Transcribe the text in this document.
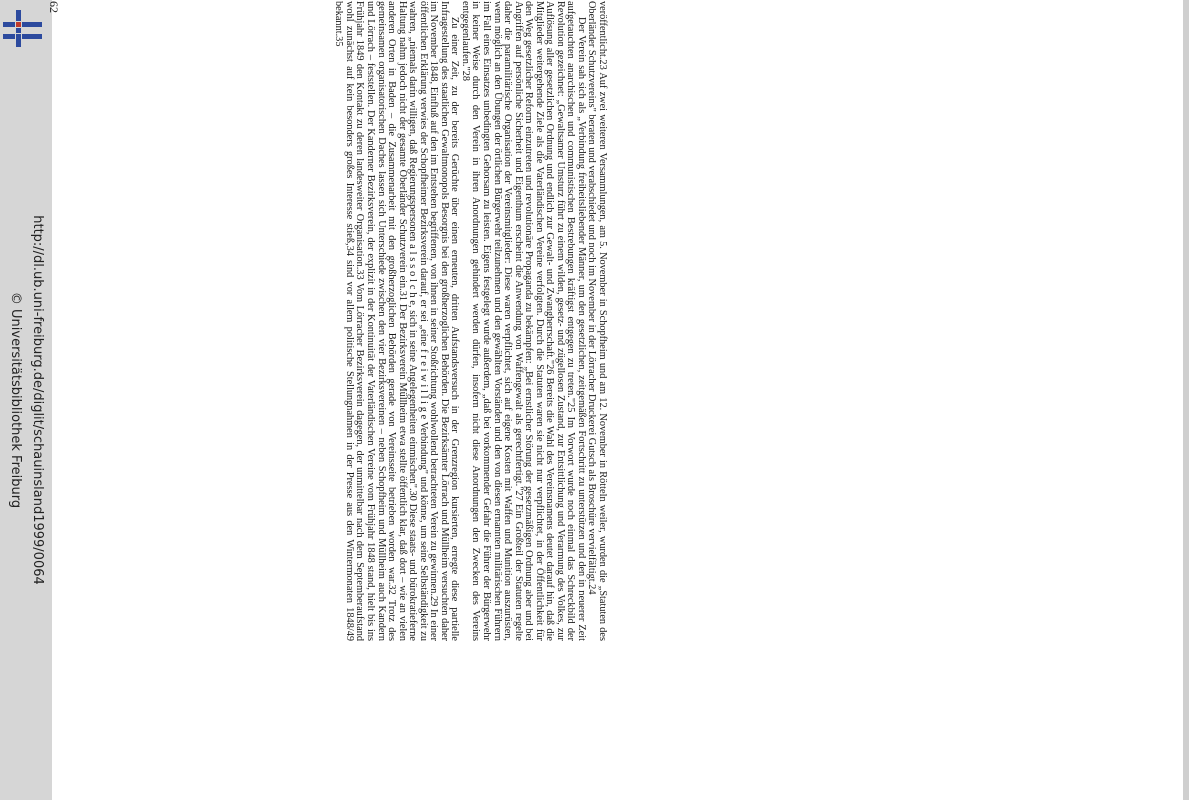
http://dl.ub.uni-freiburg.de/diglit/schauinsland1999/0064
© Universitätsbibliothek Freiburg	veröffentlicht.23 Auf zwei weiteren Versammlungen, am 5. November in Schopfheim und am 12. November in Rötteln weiler, wurden die „Statuten des Oberländer Schutzvereins" beraten und verabschiedet und noch im November in der Lörracher Druckerei Gutsch als Broschüre vervielfältigt.24

Der Verein sah sich als „Verbindung freiheitsliebender Männer, um den gesetzlichen, zeitgemäßen Fortschritt zu unterstützen und den in neuerer Zeit aufgetauchten anarchischen und communistischen Bestrebungen kräftigst entgegen zu treten."25 Im Vorwort wurde noch einmal das Schreckbild der Revolution gezeichnet: „Gewaltsamer Umsturz führt zu einem wilden, gesetz- und zügellosen Zustand, zur Entsittlichung und Verarmung des Volkes, zur Auflösung aller gesetzlichen Ordnung und endlich zur Gewalt- und Zwangherrschaft."26 Bereits die Wahl des Vereinsnamens deutet darauf hin, daß die Mitglieder weitergehende Ziele als die Vaterländischen Vereine verfolgten. Durch die Statuten waren sie nicht nur verpflichtet, in der Öffentlichkeit für den Weg gesetzlicher Reform einzutreten und revolutionäre Propaganda zu bekämpfen: „Bei ernstlicher Störung der gesetzmäßigen Ordnung aber und bei Angriffen auf persönliche Sicherheit und Eigenthum erscheint die Anwendung von Waffengewalt als gerechtfertigt."27 Ein Großteil der Statuten regelte daher die paramilitärische Organisation der Vereinsmitglieder: Diese waren verpflichtet, sich auf eigene Kosten mit Waffen und Munition auszurüsten, wenn möglich an den Übungen der örtlichen Bürgerwehr teilzunehmen und den gewählten Vorständen und den von diesen ernannten militärischen Führern im Fall eines Einsatzes unbedingten Gehorsam zu leisten. Eigens festgelegt wurde außerdem, „daß bei vorkommender Gefahr die Führer der Bürgerwehr in keiner Weise durch den Verein in ihren Anordnungen gehindert werden dürfen, insofern nicht diese Anordnungen den Zwecken des Vereins entgegenlaufen."28

Zu einer Zeit, zu der bereits Gerüchte über einen erneuten, dritten Aufstandsversuch in der Grenzregion kursierten, erregte diese partielle Infragestellung des staatlichen Gewaltmonopols Besorgnis bei den großherzoglichen Behörden. Die Bezirksämter Lörrach und Müllheim versuchten daher im November 1848, Einfluß auf den im Entstehen begriffenen, von ihnen in seiner Stoßrichtung wohlwollend betrachteten Verein zu gewinnen.29 In einer öffentlichen Erklärung verwies der Schopfheimer Bezirksverein darauf, er sei „eine f r e i w i l l i g e Verbindung" und könne, um seine Selbständigkeit zu wahren, „niemals darin willigen, daß Regierungspersonen a l s s o l c h e, sich in seine Angelegenheiten einmischen".30 Diese staats- und bürokratieferne Haltung nahm jedoch nicht der gesamte Oberländer Schutzverein ein.31 Der Bezirksverein Müllheim etwa stellte öffentlich klar, daß dort – wie an vielen anderen Orten in Baden – die Zusammenarbeit mit den großherzoglichen Behörden gerade von Vereinsseite betrieben worden war.32 Trotz des gemeinsamen organisatorischen Daches lassen sich Unterschiede zwischen den vier Bezirksvereinen – neben Schopfheim und Müllheim auch Kandern und Lörrach – feststellen. Der Kanderner Bezirksverein, der explizit in der Kontinuität der Vaterländischen Vereine vom Frühjahr 1848 stand, hielt bis ins Frühjahr 1849 den Kontakt zu deren landesweiter Organisation.33 Vom Lörracher Bezirksverein dagegen, der unmittelbar nach dem Septemberaufstand wohl zunächst auf kein besonders großes Interesse stieß,34 sind vor allem politische Stellungnahmen in der Presse aus den Wintermonaten 1848/49 bekannt.35

62
